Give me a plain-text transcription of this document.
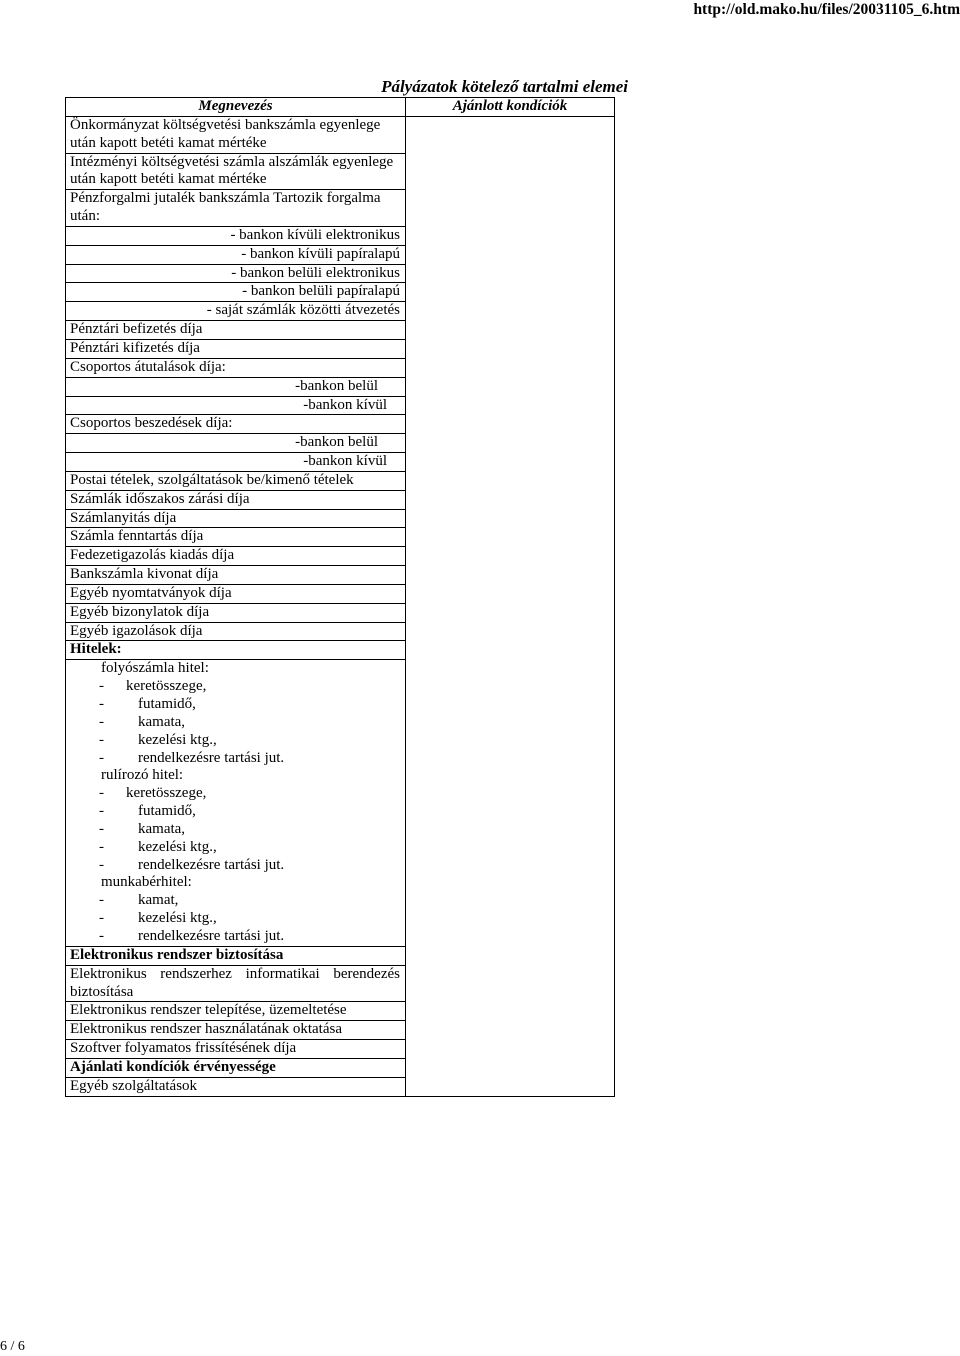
http://old.mako.hu/files/20031105_6.htm
Pályázatok kötelező tartalmi elemei
Megnevezés	Ajánlott kondíciók
Önkormányzat költségvetési bankszámla egyenlege után kapott betéti kamat mértéke
Intézményi költségvetési számla alszámlák egyenlege után kapott betéti kamat mértéke
Pénzforgalmi jutalék bankszámla Tartozik forgalma után:
- bankon kívüli elektronikus
- bankon kívüli papíralapú
- bankon belüli elektronikus
- bankon belüli papíralapú
- saját számlák közötti átvezetés
Pénztári befizetés díja
Pénztári kifizetés díja
Csoportos átutalások díja:
-bankon belül
-bankon kívül
Csoportos beszedések díja:
-bankon belül
-bankon kívül
Postai tételek, szolgáltatások be/kimenő tételek
Számlák időszakos zárási díja
Számlanyitás díja
Számla fenntartás díja
Fedezetigazolás kiadás díja
Bankszámla kivonat díja
Egyéb nyomtatványok díja
Egyéb bizonylatok díja
Egyéb igazolások díja
Hitelek:
folyószámla hitel:
- keretösszege,
- futamidő,
- kamata,
- kezelési ktg.,
- rendelkezésre tartási jut.
rulírozó hitel:
- keretösszege,
- futamidő,
- kamata,
- kezelési ktg.,
- rendelkezésre tartási jut.
munkabérhitel:
- kamat,
- kezelési ktg.,
- rendelkezésre tartási jut.
Elektronikus rendszer biztosítása
Elektronikus rendszerhez informatikai berendezés biztosítása
Elektronikus rendszer telepítése, üzemeltetése
Elektronikus rendszer használatának oktatása
Szoftver folyamatos frissítésének díja
Ajánlati kondíciók érvényessége
Egyéb szolgáltatások
6 / 6
